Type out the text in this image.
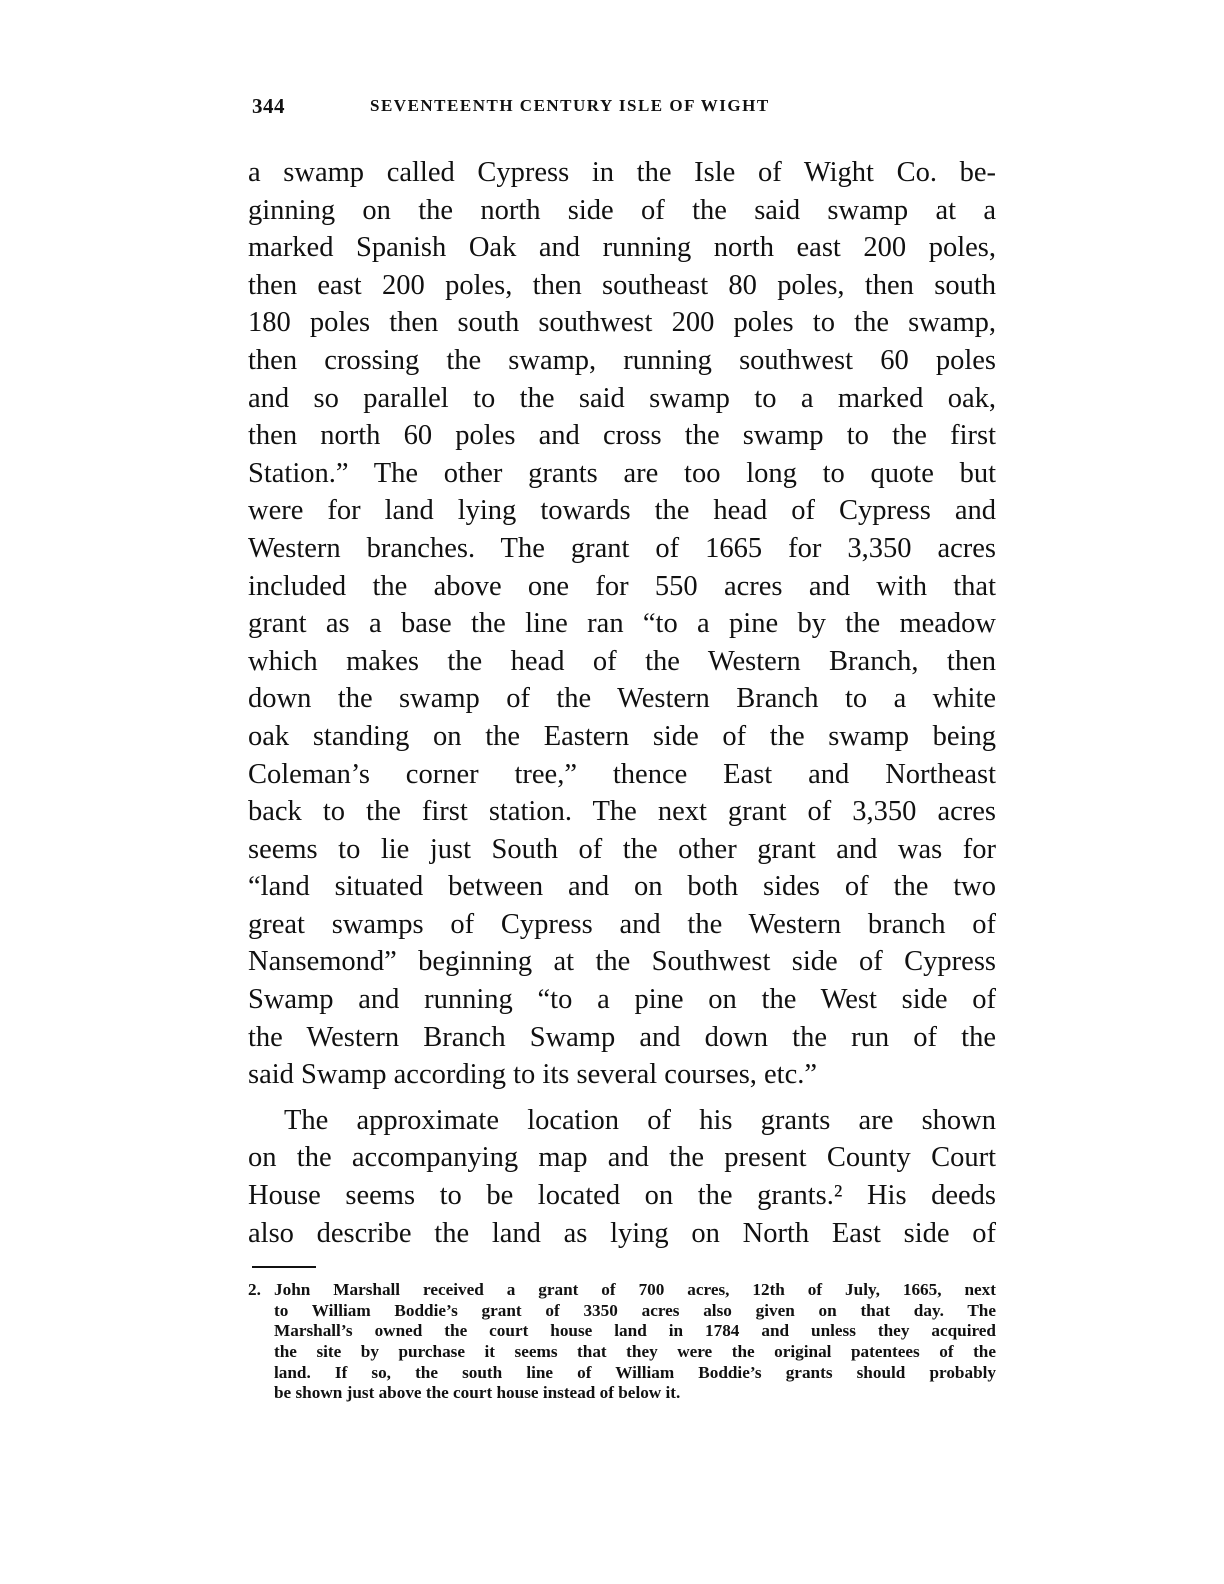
344	SEVENTEENTH CENTURY ISLE OF WIGHT
a swamp called Cypress in the Isle of Wight Co. be-
ginning on the north side of the said swamp at a
marked Spanish Oak and running north east 200 poles,
then east 200 poles, then southeast 80 poles, then south
180 poles then south southwest 200 poles to the swamp,
then crossing the swamp, running southwest 60 poles
and so parallel to the said swamp to a marked oak,
then north 60 poles and cross the swamp to the first
Station.” The other grants are too long to quote but
were for land lying towards the head of Cypress and
Western branches. The grant of 1665 for 3,350 acres
included the above one for 550 acres and with that
grant as a base the line ran “to a pine by the meadow
which makes the head of the Western Branch, then
down the swamp of the Western Branch to a white
oak standing on the Eastern side of the swamp being
Coleman’s corner tree,” thence East and Northeast
back to the first station. The next grant of 3,350 acres
seems to lie just South of the other grant and was for
“land situated between and on both sides of the two
great swamps of Cypress and the Western branch of
Nansemond” beginning at the Southwest side of Cypress
Swamp and running “to a pine on the West side of
the Western Branch Swamp and down the run of the
said Swamp according to its several courses, etc.”
The approximate location of his grants are shown
on the accompanying map and the present County Court
House seems to be located on the grants.² His deeds
also describe the land as lying on North East side of
2. John Marshall received a grant of 700 acres, 12th of July, 1665, next
to William Boddie’s grant of 3350 acres also given on that day. The
Marshall’s owned the court house land in 1784 and unless they acquired
the site by purchase it seems that they were the original patentees of the
land. If so, the south line of William Boddie’s grants should probably
be shown just above the court house instead of below it.
